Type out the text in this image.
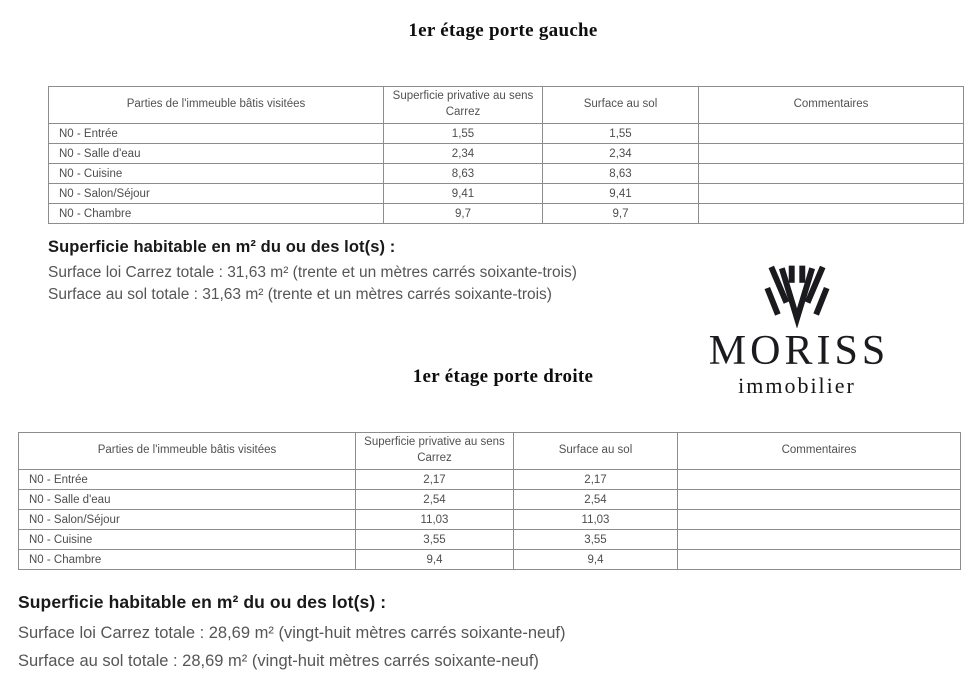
1er étage porte gauche
Parties de l'immeuble bâtis visitées	Superficie privative au sens Carrez	Surface au sol	Commentaires
N0 - Entrée	1,55	1,55	
N0 - Salle d'eau	2,34	2,34	
N0 - Cuisine	8,63	8,63	
N0 - Salon/Séjour	9,41	9,41	
N0 - Chambre	9,7	9,7	
Superficie habitable en m² du ou des lot(s) :
Surface loi Carrez totale : 31,63 m² (trente et un mètres carrés soixante-trois)
Surface au sol totale : 31,63 m² (trente et un mètres carrés soixante-trois)
MORISS
immobilier
1er étage porte droite
Parties de l'immeuble bâtis visitées	Superficie privative au sens Carrez	Surface au sol	Commentaires
N0 - Entrée	2,17	2,17	
N0 - Salle d'eau	2,54	2,54	
N0 - Salon/Séjour	11,03	11,03	
N0 - Cuisine	3,55	3,55	
N0 - Chambre	9,4	9,4	
Superficie habitable en m² du ou des lot(s) :
Surface loi Carrez totale : 28,69 m² (vingt-huit mètres carrés soixante-neuf)
Surface au sol totale : 28,69 m² (vingt-huit mètres carrés soixante-neuf)
